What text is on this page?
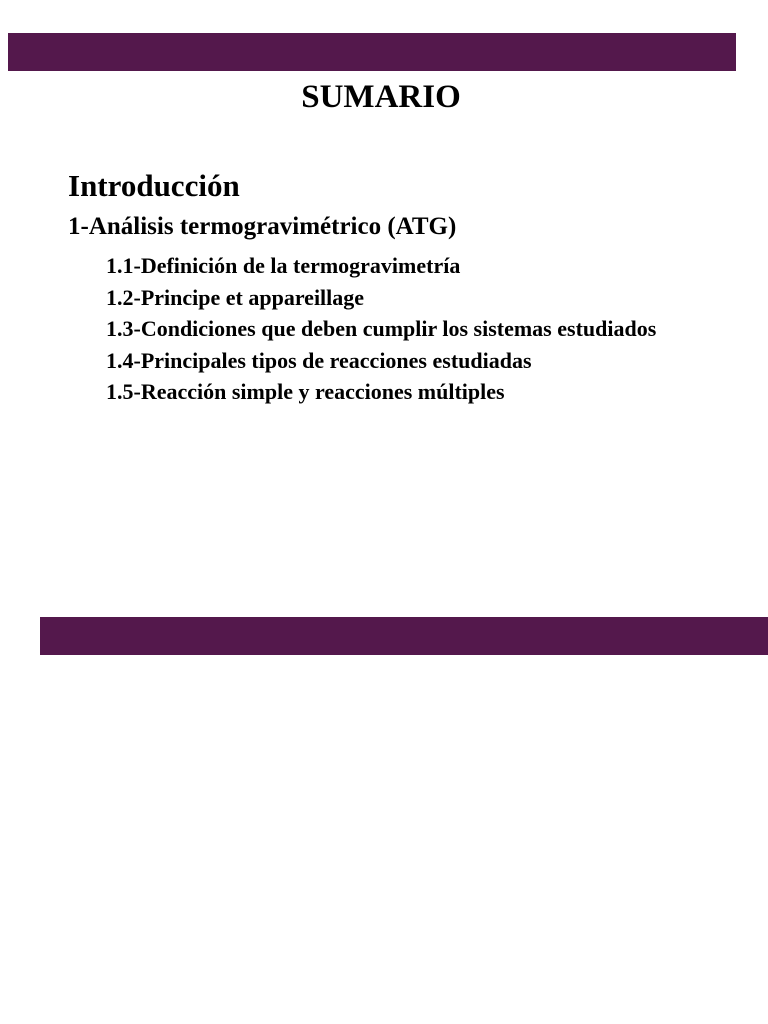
SUMARIO
Introducción
1-Análisis termogravimétrico (ATG)
1.1-Definición de la termogravimetría
1.2-Principe et appareillage
1.3-Condiciones que deben cumplir los sistemas estudiados
1.4-Principales tipos de reacciones estudiadas
1.5-Reacción simple y reacciones múltiples
